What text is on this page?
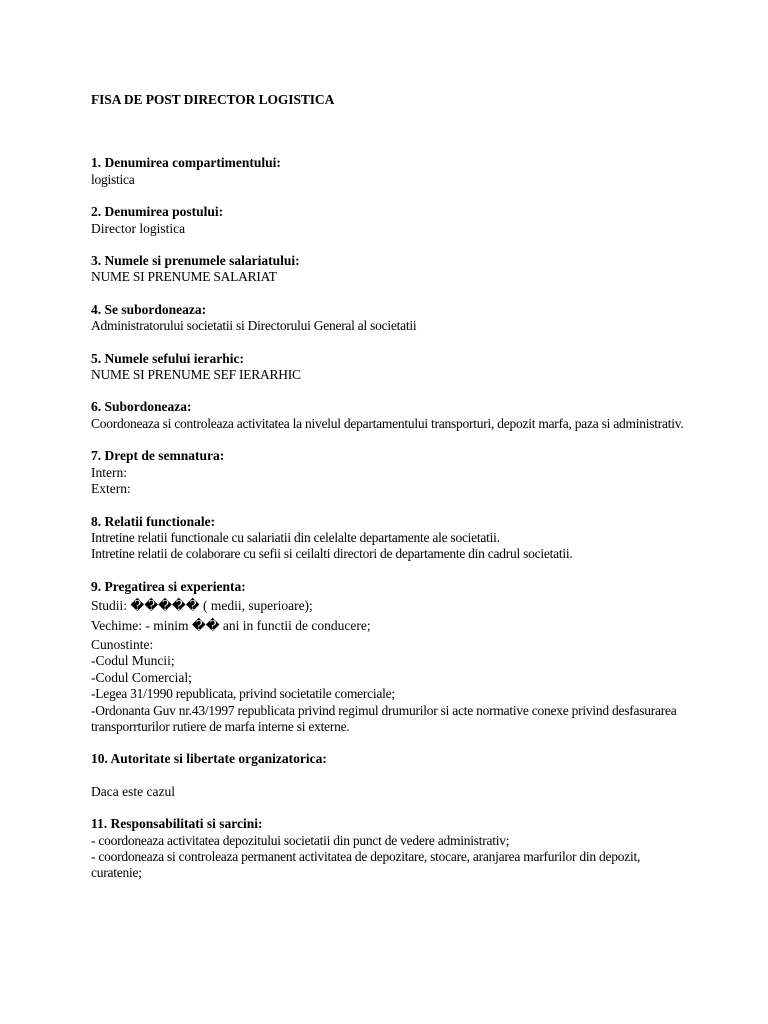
FISA DE POST DIRECTOR LOGISTICA
1. Denumirea compartimentului:
logistica
2. Denumirea postului:
Director logistica
3. Numele si prenumele salariatului:
NUME SI PRENUME SALARIAT
4. Se subordoneaza:
Administratorului societatii si Directorului General al societatii
5. Numele sefului ierarhic:
NUME SI PRENUME SEF IERARHIC
6. Subordoneaza:
Coordoneaza si controleaza activitatea la nivelul departamentului transporturi, depozit marfa, paza si administrativ.
7. Drept de semnatura:
Intern:
Extern:
8. Relatii functionale:
Intretine relatii functionale cu salariatii din celelalte departamente ale societatii.
Intretine relatii de colaborare cu sefii si ceilalti directori de departamente din cadrul societatii.
9. Pregatirea si experienta:
Studii: ����� ( medii, superioare);
Vechime: - minim �� ani in functii de conducere;
Cunostinte:
-Codul Muncii;
-Codul Comercial;
-Legea 31/1990 republicata, privind societatile comerciale;
-Ordonanta Guv nr.43/1997 republicata privind regimul drumurilor si acte normative conexe privind desfasurarea transporrturilor rutiere de marfa interne si externe.
10. Autoritate si libertate organizatorica:
Daca este cazul
11. Responsabilitati si sarcini:
- coordoneaza activitatea depozitului societatii din punct de vedere administrativ;
- coordoneaza si controleaza permanent activitatea de depozitare, stocare, aranjarea marfurilor din depozit, curatenie;
